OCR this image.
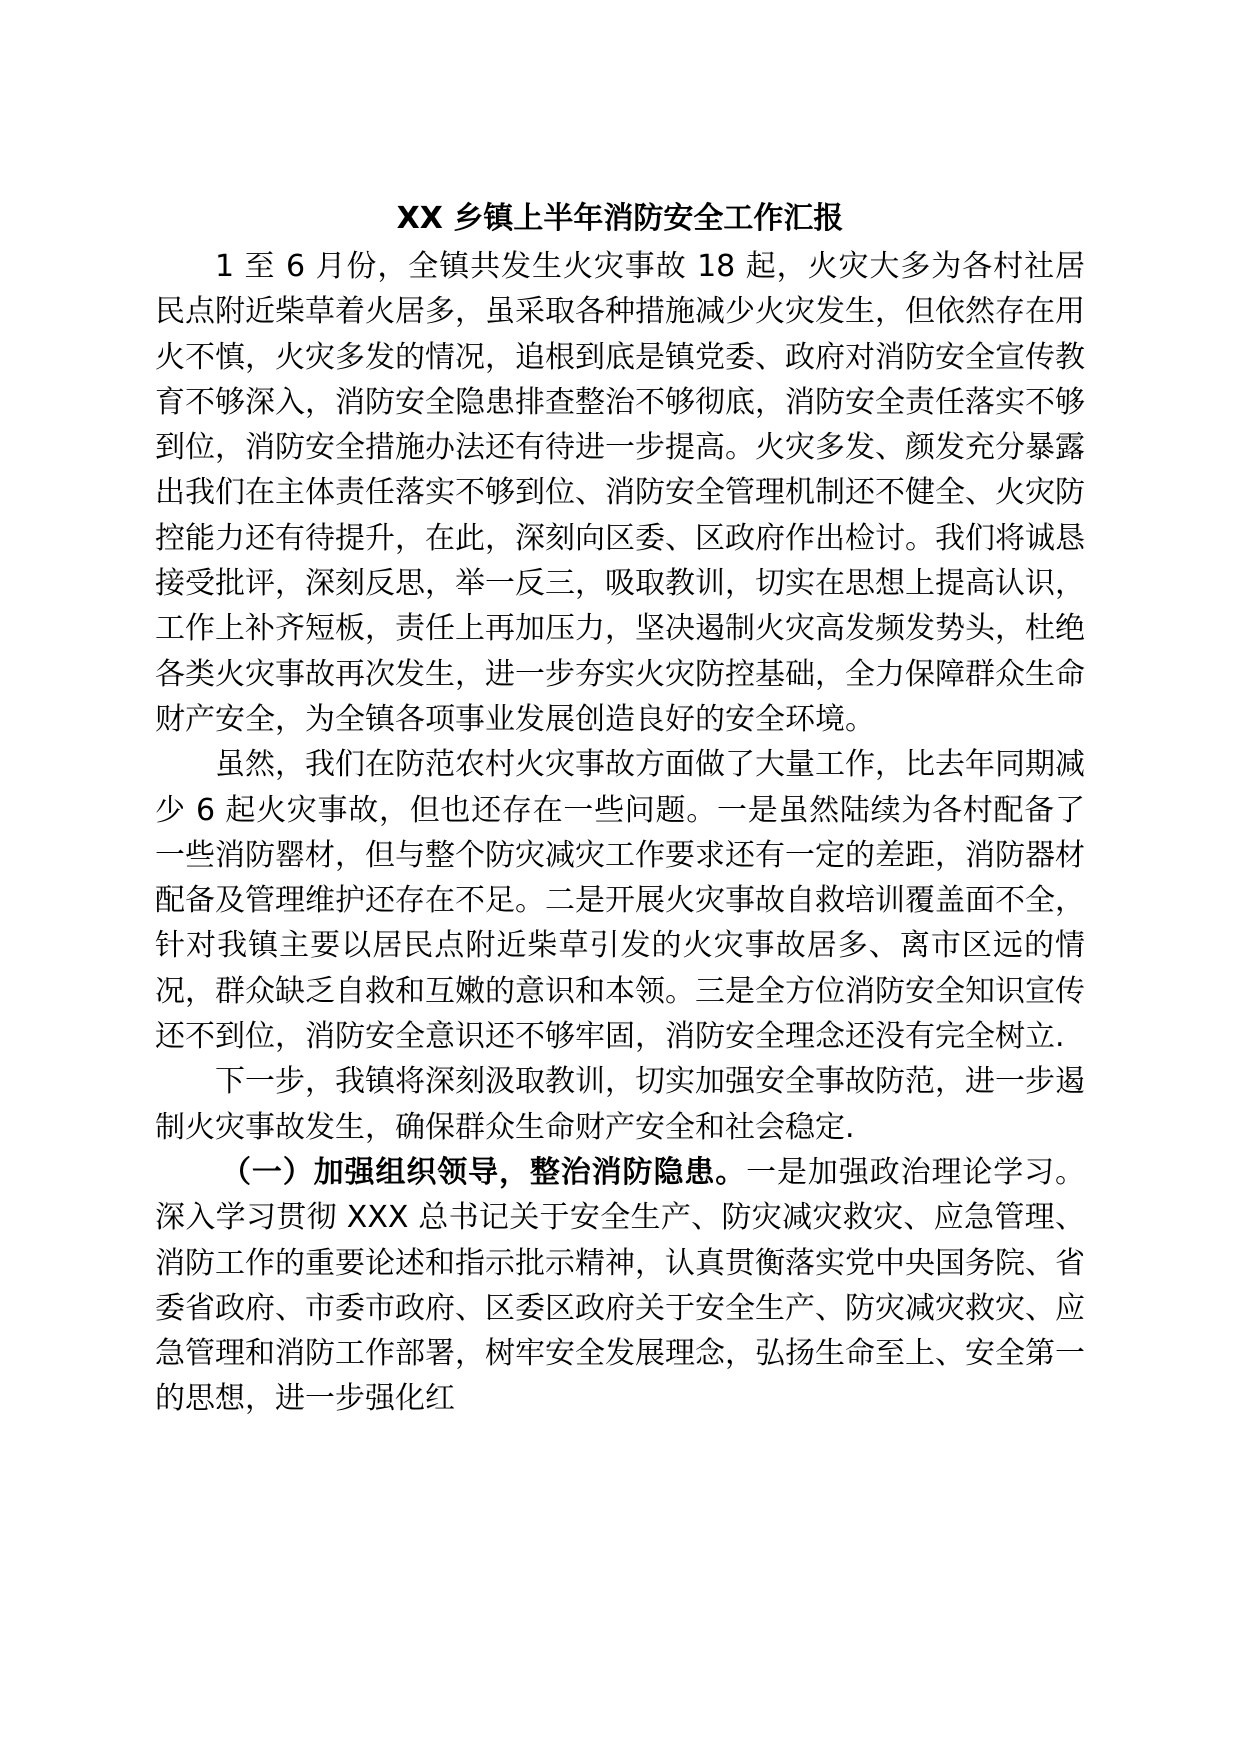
XX 乡镇上半年消防安全工作汇报

1 至 6 月份，全镇共发生火灾事故 18 起，火灾大多为各村社居民点附近柴草着火居多，虽采取各种措施减少火灾发生，但依然存在用火不慎，火灾多发的情况，追根到底是镇党委、政府对消防安全宣传教育不够深入，消防安全隐患排查整治不够彻底，消防安全责任落实不够到位，消防安全措施办法还有待进一步提高。火灾多发、颜发充分暴露出我们在主体责任落实不够到位、消防安全管理机制还不健全、火灾防控能力还有待提升，在此，深刻向区委、区政府作出检讨。我们将诚恳接受批评，深刻反思，举一反三，吸取教训，切实在思想上提高认识，工作上补齐短板，责任上再加压力，坚决遏制火灾高发频发势头，杜绝各类火灾事故再次发生，进一步夯实火灾防控基础，全力保障群众生命财产安全，为全镇各项事业发展创造良好的安全环境。

虽然，我们在防范农村火灾事故方面做了大量工作，比去年同期减少 6 起火灾事故，但也还存在一些问题。一是虽然陆续为各村配备了一些消防罂材，但与整个防灾减灾工作要求还有一定的差距，消防器材配备及管理维护还存在不足。二是开展火灾事故自救培训覆盖面不全，针对我镇主要以居民点附近柴草引发的火灾事故居多、离市区远的情况，群众缺乏自救和互嫩的意识和本领。三是全方位消防安全知识宣传还不到位，消防安全意识还不够牢固，消防安全理念还没有完全树立.

下一步，我镇将深刻汲取教训，切实加强安全事故防范，进一步遏制火灾事故发生，确保群众生命财产安全和社会稳定.

（一）加强组织领导，整治消防隐患。一是加强政治理论学习。深入学习贯彻 XXX 总书记关于安全生产、防灾减灾救灾、应急管理、消防工作的重要论述和指示批示精神，认真贯衡落实党中央国务院、省委省政府、市委市政府、区委区政府关于安全生产、防灾减灾救灾、应急管理和消防工作部署，树牢安全发展理念，弘扬生命至上、安全第一的思想，进一步强化红
